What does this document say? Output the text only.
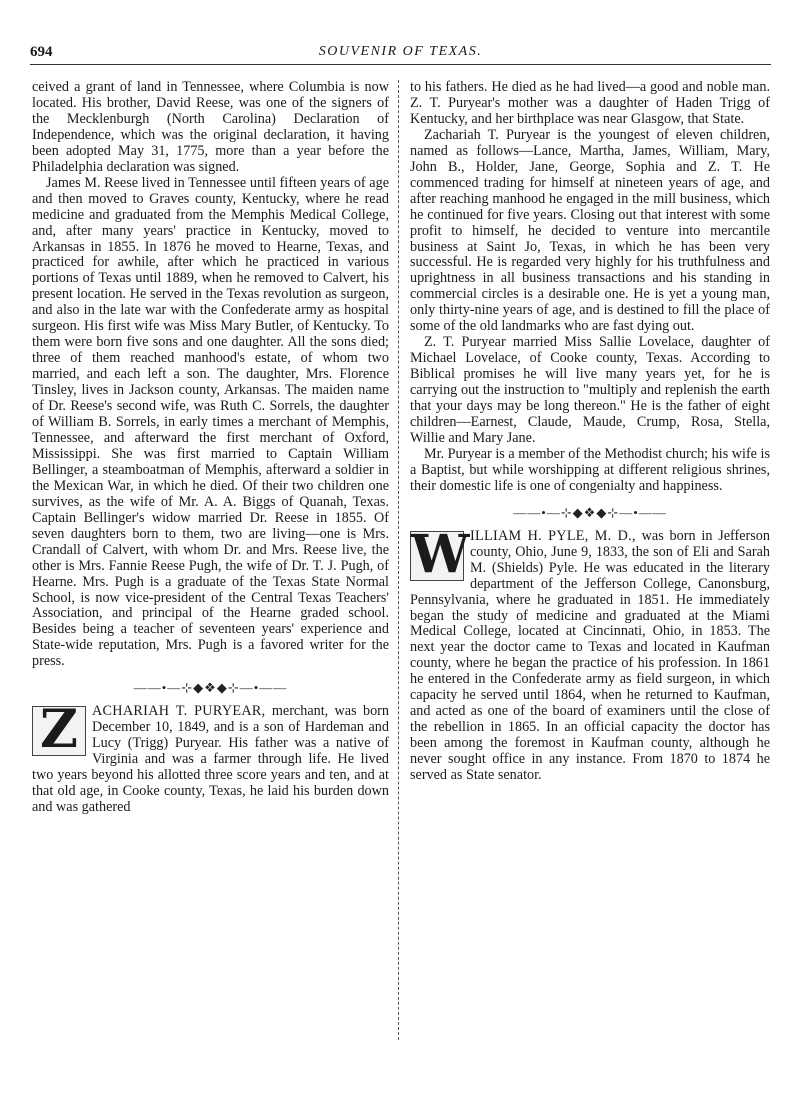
694	SOUVENIR OF TEXAS.

ceived a grant of land in Tennessee, where Columbia is now located. His brother, David Reese, was one of the signers of the Mecklenburgh (North Carolina) Declaration of Independence, which was the original declaration, it having been adopted May 31, 1775, more than a year before the Philadelphia declaration was signed.

James M. Reese lived in Tennessee until fifteen years of age and then moved to Graves county, Kentucky, where he read medicine and graduated from the Memphis Medical College, and, after many years' practice in Kentucky, moved to Arkansas in 1855. In 1876 he moved to Hearne, Texas, and practiced for awhile, after which he practiced in various portions of Texas until 1889, when he removed to Calvert, his present location. He served in the Texas revolution as surgeon, and also in the late war with the Confederate army as hospital surgeon. His first wife was Miss Mary Butler, of Kentucky. To them were born five sons and one daughter. All the sons died; three of them reached manhood's estate, of whom two married, and each left a son. The daughter, Mrs. Florence Tinsley, lives in Jackson county, Arkansas. The maiden name of Dr. Reese's second wife, was Ruth C. Sorrels, the daughter of William B. Sorrels, in early times a merchant of Memphis, Tennessee, and afterward the first merchant of Oxford, Mississippi. She was first married to Captain William Bellinger, a steamboatman of Memphis, afterward a soldier in the Mexican War, in which he died. Of their two children one survives, as the wife of Mr. A. A. Biggs of Quanah, Texas. Captain Bellinger's widow married Dr. Reese in 1855. Of seven daughters born to them, two are living—one is Mrs. Crandall of Calvert, with whom Dr. and Mrs. Reese live, the other is Mrs. Fannie Reese Pugh, the wife of Dr. T. J. Pugh, of Hearne. Mrs. Pugh is a graduate of the Texas State Normal School, is now vice-president of the Central Texas Teachers' Association, and principal of the Hearne graded school. Besides being a teacher of seventeen years' experience and State-wide reputation, Mrs. Pugh is a favored writer for the press.

——•—⊹◆❖◆⊹—•——
Z ACHARIAH T. PURYEAR, merchant, was born December 10, 1849, and is a son of Hardeman and Lucy (Trigg) Puryear. His father was a native of Virginia and was a farmer through life. He lived two years beyond his allotted three score years and ten, and at that old age, in Cooke county, Texas, he laid his burden down and was gathered

to his fathers. He died as he had lived—a good and noble man. Z. T. Puryear's mother was a daughter of Haden Trigg of Kentucky, and her birthplace was near Glasgow, that State.

Zachariah T. Puryear is the youngest of eleven children, named as follows—Lance, Martha, James, William, Mary, John B., Holder, Jane, George, Sophia and Z. T. He commenced trading for himself at nineteen years of age, and after reaching manhood he engaged in the mill business, which he continued for five years. Closing out that interest with some profit to himself, he decided to venture into mercantile business at Saint Jo, Texas, in which he has been very successful. He is regarded very highly for his truthfulness and uprightness in all business transactions and his standing in commercial circles is a desirable one. He is yet a young man, only thirty-nine years of age, and is destined to fill the place of some of the old landmarks who are fast dying out.

Z. T. Puryear married Miss Sallie Lovelace, daughter of Michael Lovelace, of Cooke county, Texas. According to Biblical promises he will live many years yet, for he is carrying out the instruction to "multiply and replenish the earth that your days may be long thereon." He is the father of eight children—Earnest, Claude, Maude, Crump, Rosa, Stella, Willie and Mary Jane.

Mr. Puryear is a member of the Methodist church; his wife is a Baptist, but while worshipping at different religious shrines, their domestic life is one of congenialty and happiness.

——•—⊹◆❖◆⊹—•——
W ILLIAM H. PYLE, M. D., was born in Jefferson county, Ohio, June 9, 1833, the son of Eli and Sarah M. (Shields) Pyle. He was educated in the literary department of the Jefferson College, Canonsburg, Pennsylvania, where he graduated in 1851. He immediately began the study of medicine and graduated at the Miami Medical College, located at Cincinnati, Ohio, in 1853. The next year the doctor came to Texas and located in Kaufman county, where he began the practice of his profession. In 1861 he entered in the Confederate army as field surgeon, in which capacity he served until 1864, when he returned to Kaufman, and acted as one of the board of examiners until the close of the rebellion in 1865. In an official capacity the doctor has been among the foremost in Kaufman county, although he never sought office in any instance. From 1870 to 1874 he served as State senator.
